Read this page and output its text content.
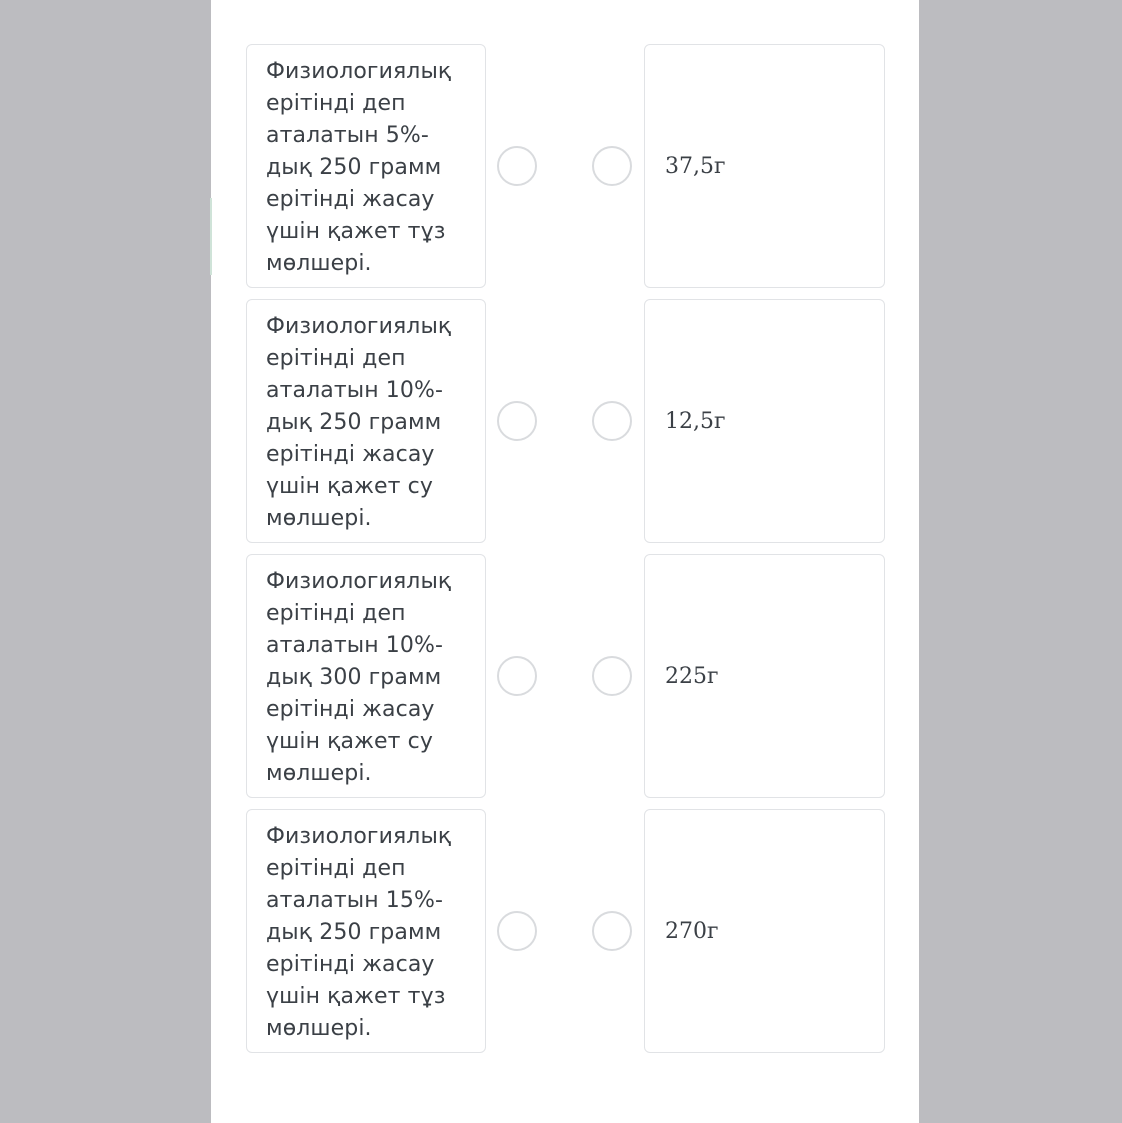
Физиологиялық ерітінді деп аталатын 5%-дық 250 грамм ерітінді жасау үшін қажет тұз мөлшері.
37,5г
Физиологиялық ерітінді деп аталатын 10%-дық 250 грамм ерітінді жасау үшін қажет су мөлшері.
12,5г
Физиологиялық ерітінді деп аталатын 10%-дық 300 грамм ерітінді жасау үшін қажет су мөлшері.
225г
Физиологиялық ерітінді деп аталатын 15%-дық 250 грамм ерітінді жасау үшін қажет тұз мөлшері.
270г
